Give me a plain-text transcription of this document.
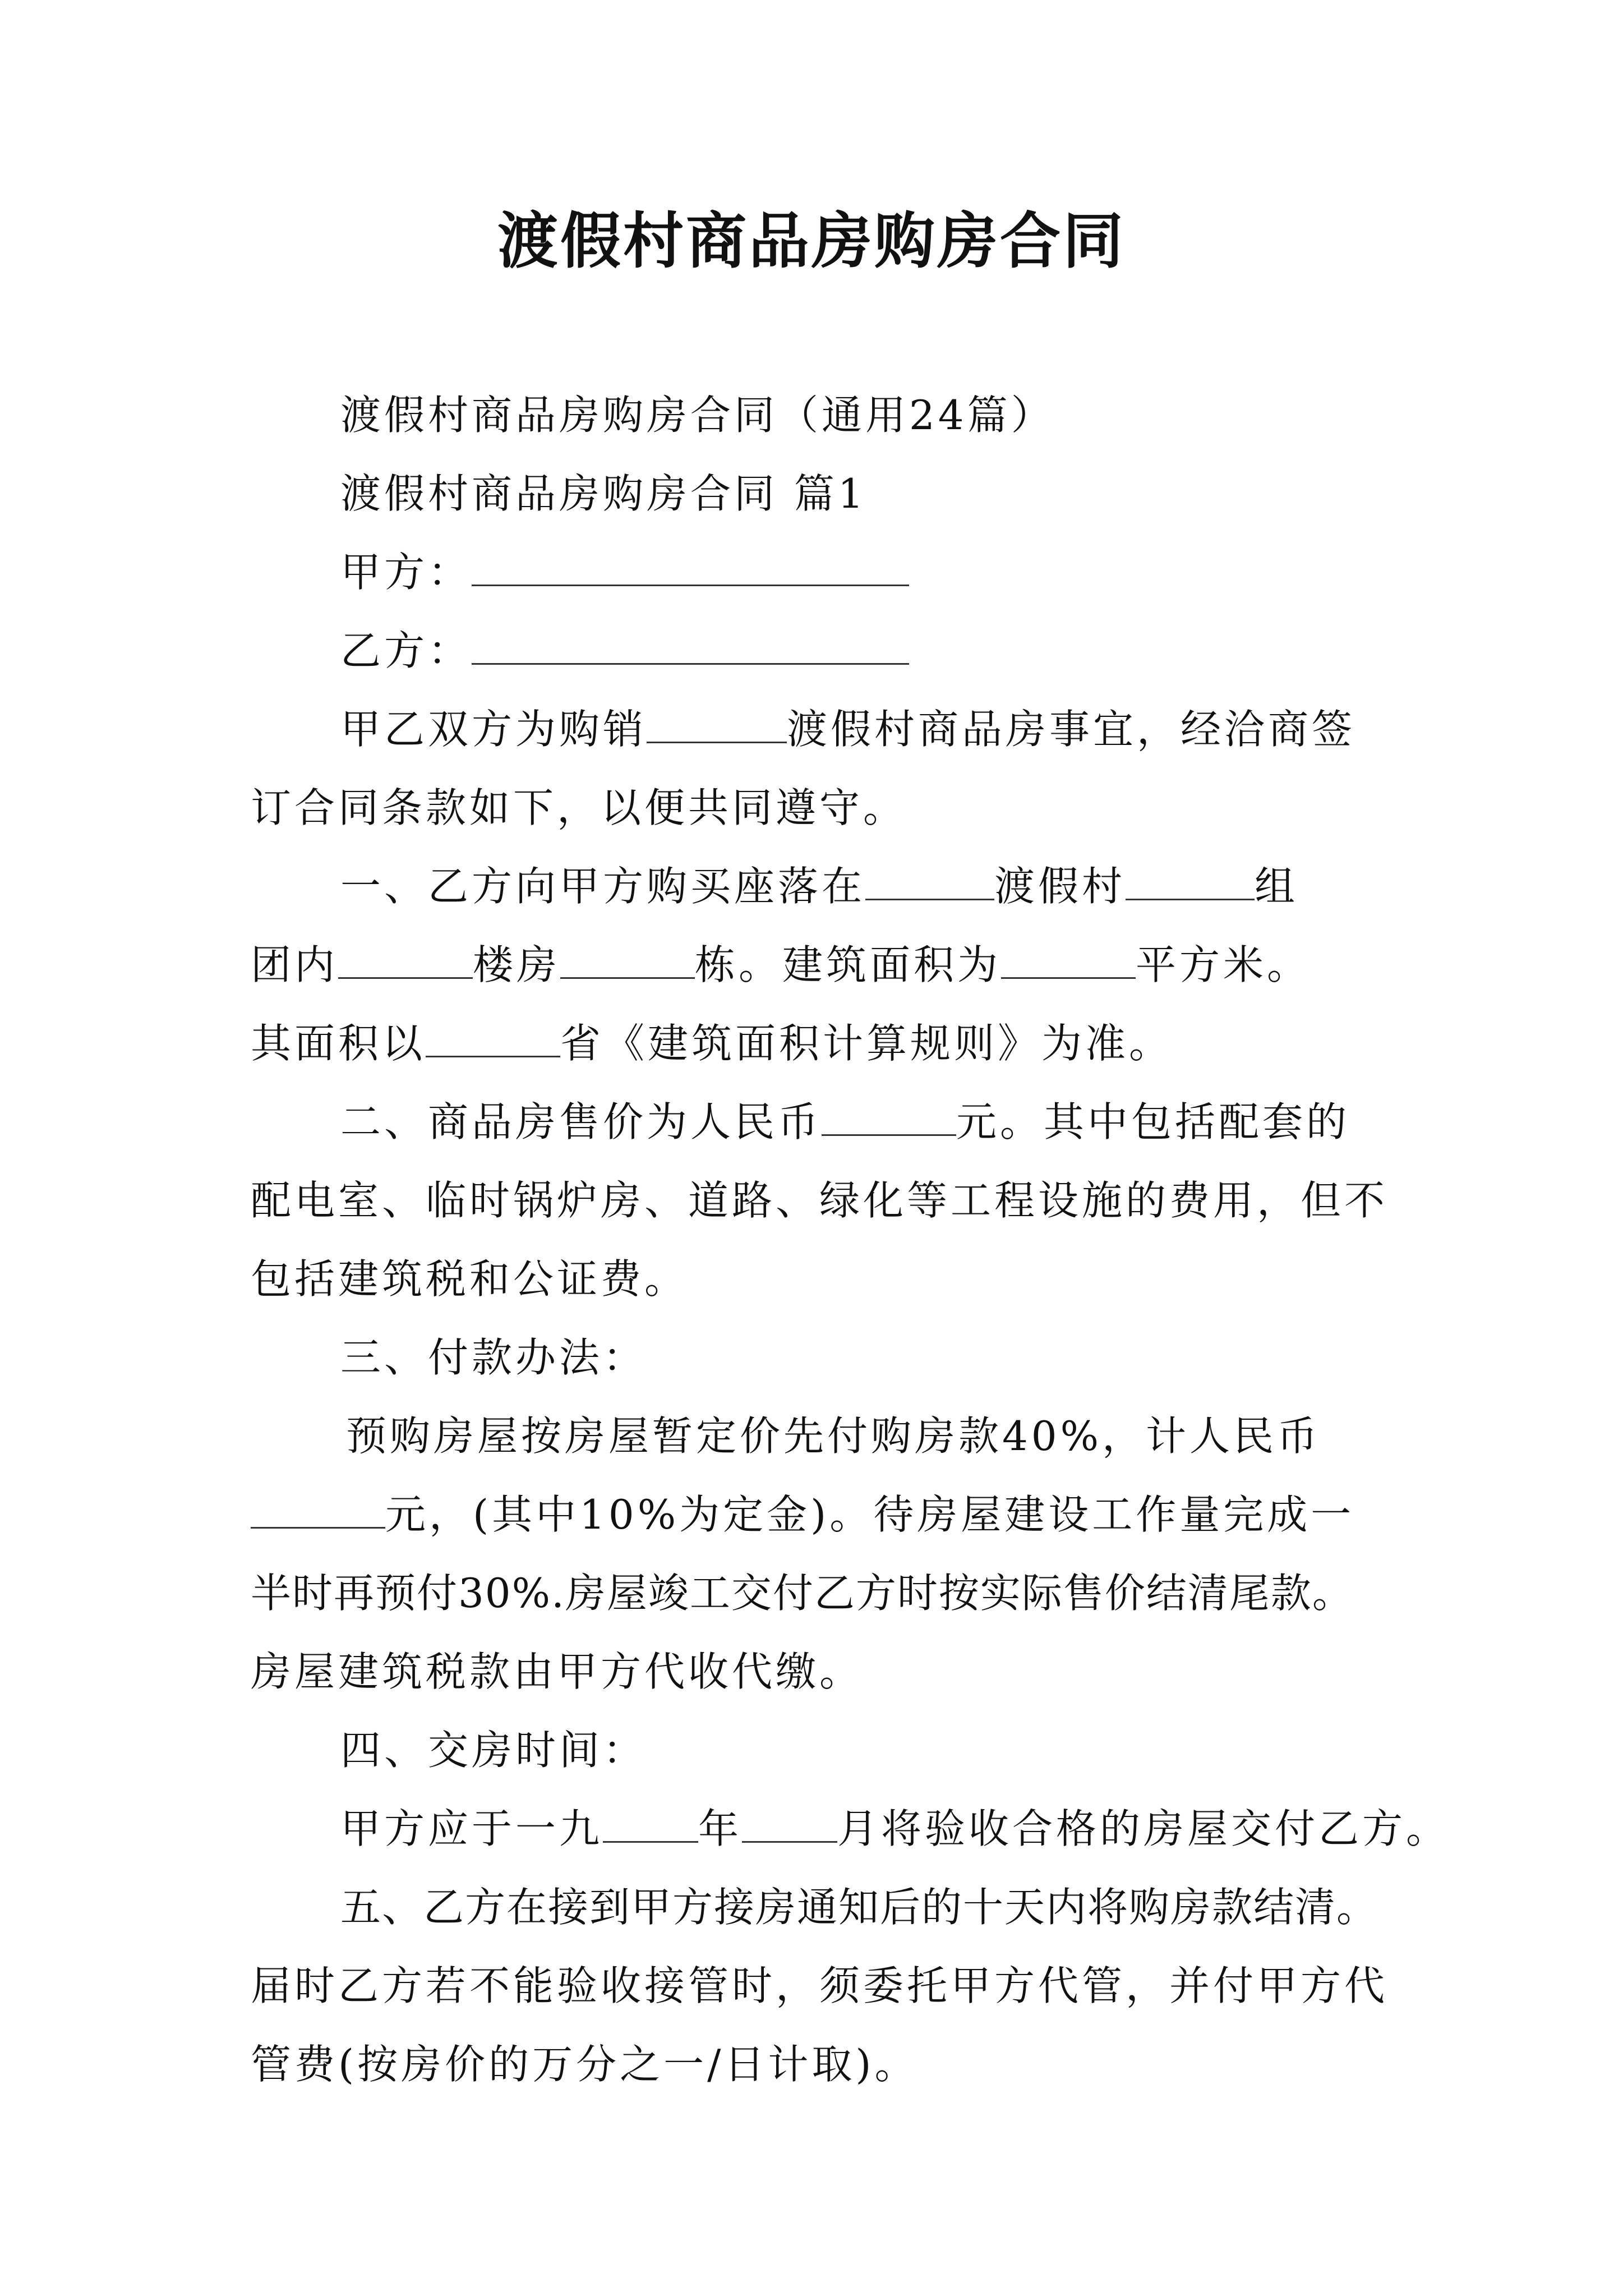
渡假村商品房购房合同
渡假村商品房购房合同（通用24篇）
渡假村商品房购房合同 篇1
甲方：
乙方：
甲乙双方为购销	渡假村商品房事宜，经洽商签
订合同条款如下，以便共同遵守。
一、乙方向甲方购买座落在	渡假村	组
团内	楼房	栋。建筑面积为	平方米。
其面积以	省《建筑面积计算规则》为准。
二、商品房售价为人民币	元。其中包括配套的
配电室、临时锅炉房、道路、绿化等工程设施的费用，但不
包括建筑税和公证费。
三、付款办法：
预购房屋按房屋暂定价先付购房款40%，计人民币
元，(其中10%为定金)。待房屋建设工作量完成一
半时再预付30%.房屋竣工交付乙方时按实际售价结清尾款。
房屋建筑税款由甲方代收代缴。
四、交房时间：
甲方应于一九 年 月将验收合格的房屋交付乙方。
五、乙方在接到甲方接房通知后的十天内将购房款结清。
届时乙方若不能验收接管时，须委托甲方代管，并付甲方代
管费(按房价的万分之一/日计取)。
